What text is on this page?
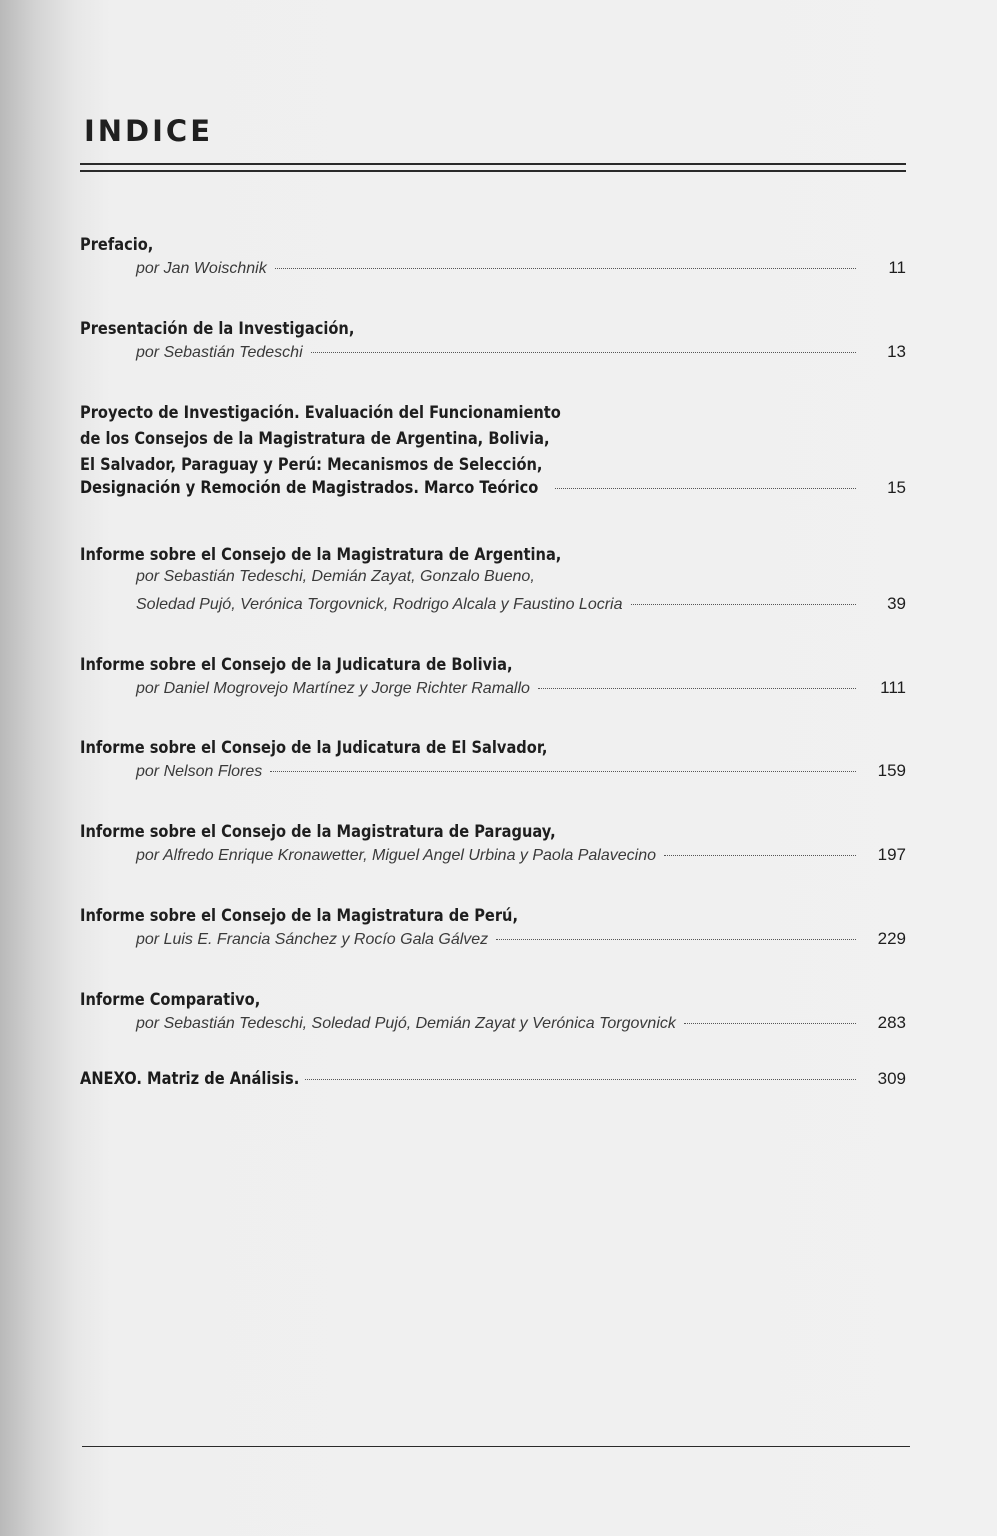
INDICE
Prefacio,
por Jan Woischnik	11
Presentación de la Investigación,
por Sebastián Tedeschi	13
Proyecto de Investigación. Evaluación del Funcionamiento
de los Consejos de la Magistratura de Argentina, Bolivia,
El Salvador, Paraguay y Perú: Mecanismos de Selección,
Designación y Remoción de Magistrados. Marco Teórico	15
Informe sobre el Consejo de la Magistratura de Argentina,
por Sebastián Tedeschi, Demián Zayat, Gonzalo Bueno,
Soledad Pujó, Verónica Torgovnick, Rodrigo Alcala y Faustino Locria	39
Informe sobre el Consejo de la Judicatura de Bolivia,
por Daniel Mogrovejo Martínez y Jorge Richter Ramallo	111
Informe sobre el Consejo de la Judicatura de El Salvador,
por Nelson Flores	159
Informe sobre el Consejo de la Magistratura de Paraguay,
por Alfredo Enrique Kronawetter, Miguel Angel Urbina y Paola Palavecino	197
Informe sobre el Consejo de la Magistratura de Perú,
por Luis E. Francia Sánchez y Rocío Gala Gálvez	229
Informe Comparativo,
por Sebastián Tedeschi, Soledad Pujó, Demián Zayat y Verónica Torgovnick	283
ANEXO. Matriz de Análisis.	309
